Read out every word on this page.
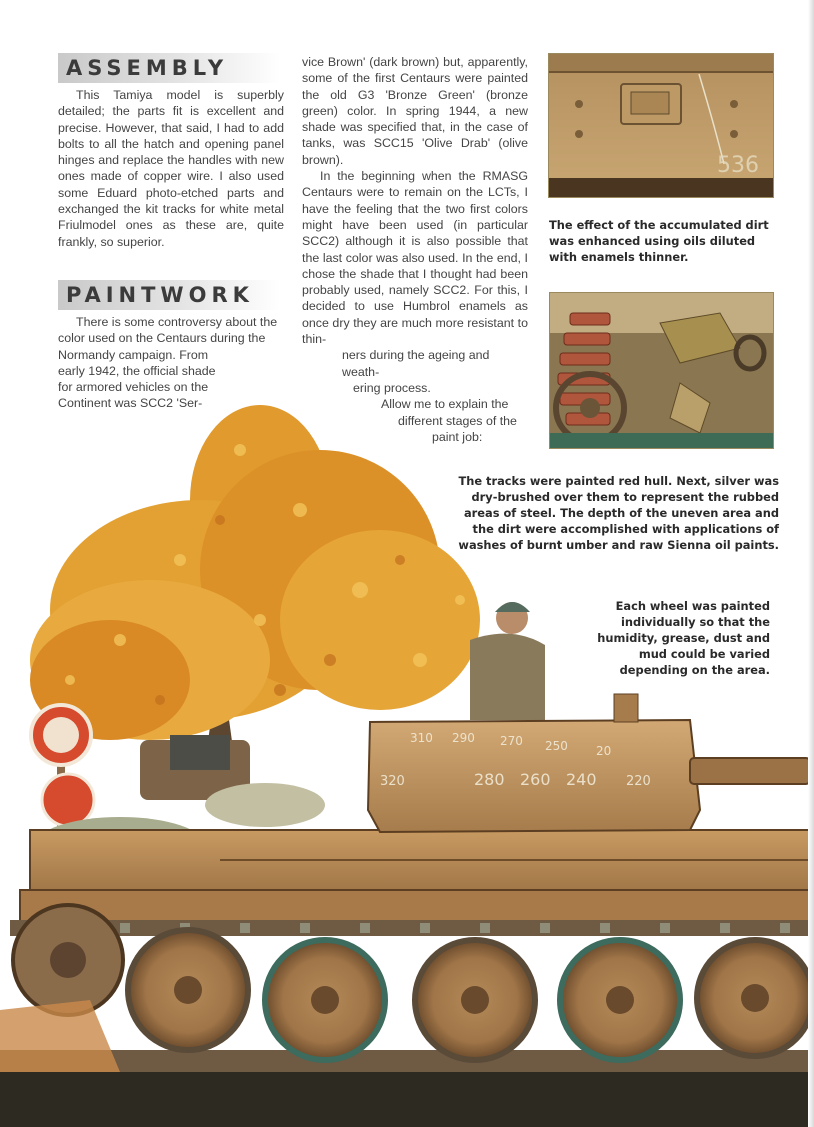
ASSEMBLY

This Tamiya model is superbly detailed; the parts fit is excellent and precise. However, that said, I had to add bolts to all the hatch and opening panel hinges and replace the handles with new ones made of copper wire. I also used some Eduard photo-etched parts and exchanged the kit tracks for white metal Friulmodel ones as these are, quite frankly, so superior.

PAINTWORK
There is some controversy about the
color used on the Centaurs during the
Normandy campaign. From
early 1942, the official shade
for armored vehicles on the
Continent was SCC2 'Ser-

vice Brown' (dark brown) but, apparently, some of the first Centaurs were painted the old G3 'Bronze Green' (bronze green) color. In spring 1944, a new shade was specified that, in the case of tanks, was SCC15 'Olive Drab' (olive brown).

In the beginning when the RMASG Centaurs were to remain on the LCTs, I have the feeling that the two first colors might have been used (in particular SCC2) although it is also possible that the last color was also used. In the end, I chose the shade that I thought had been probably used, namely SCC2. For this, I decided to use Humbrol enamels as once dry they are much more resistant to thin-

ners during the ageing and weath-
ering process.
Allow me to explain the
different stages of the
paint job:
536
The effect of the accumulated dirt was enhanced using oils diluted with enamels thinner.
The tracks were painted red hull. Next, silver was dry-brushed over them to represent the rubbed areas of steel. The depth of the uneven area and the dirt were accomplished with applications of washes of burnt umber and raw Sienna oil paints.
Each wheel was painted individually so that the humidity, grease, dust and mud could be varied depending on the area.
320
310 290
280
270
260
250
240 220
20
